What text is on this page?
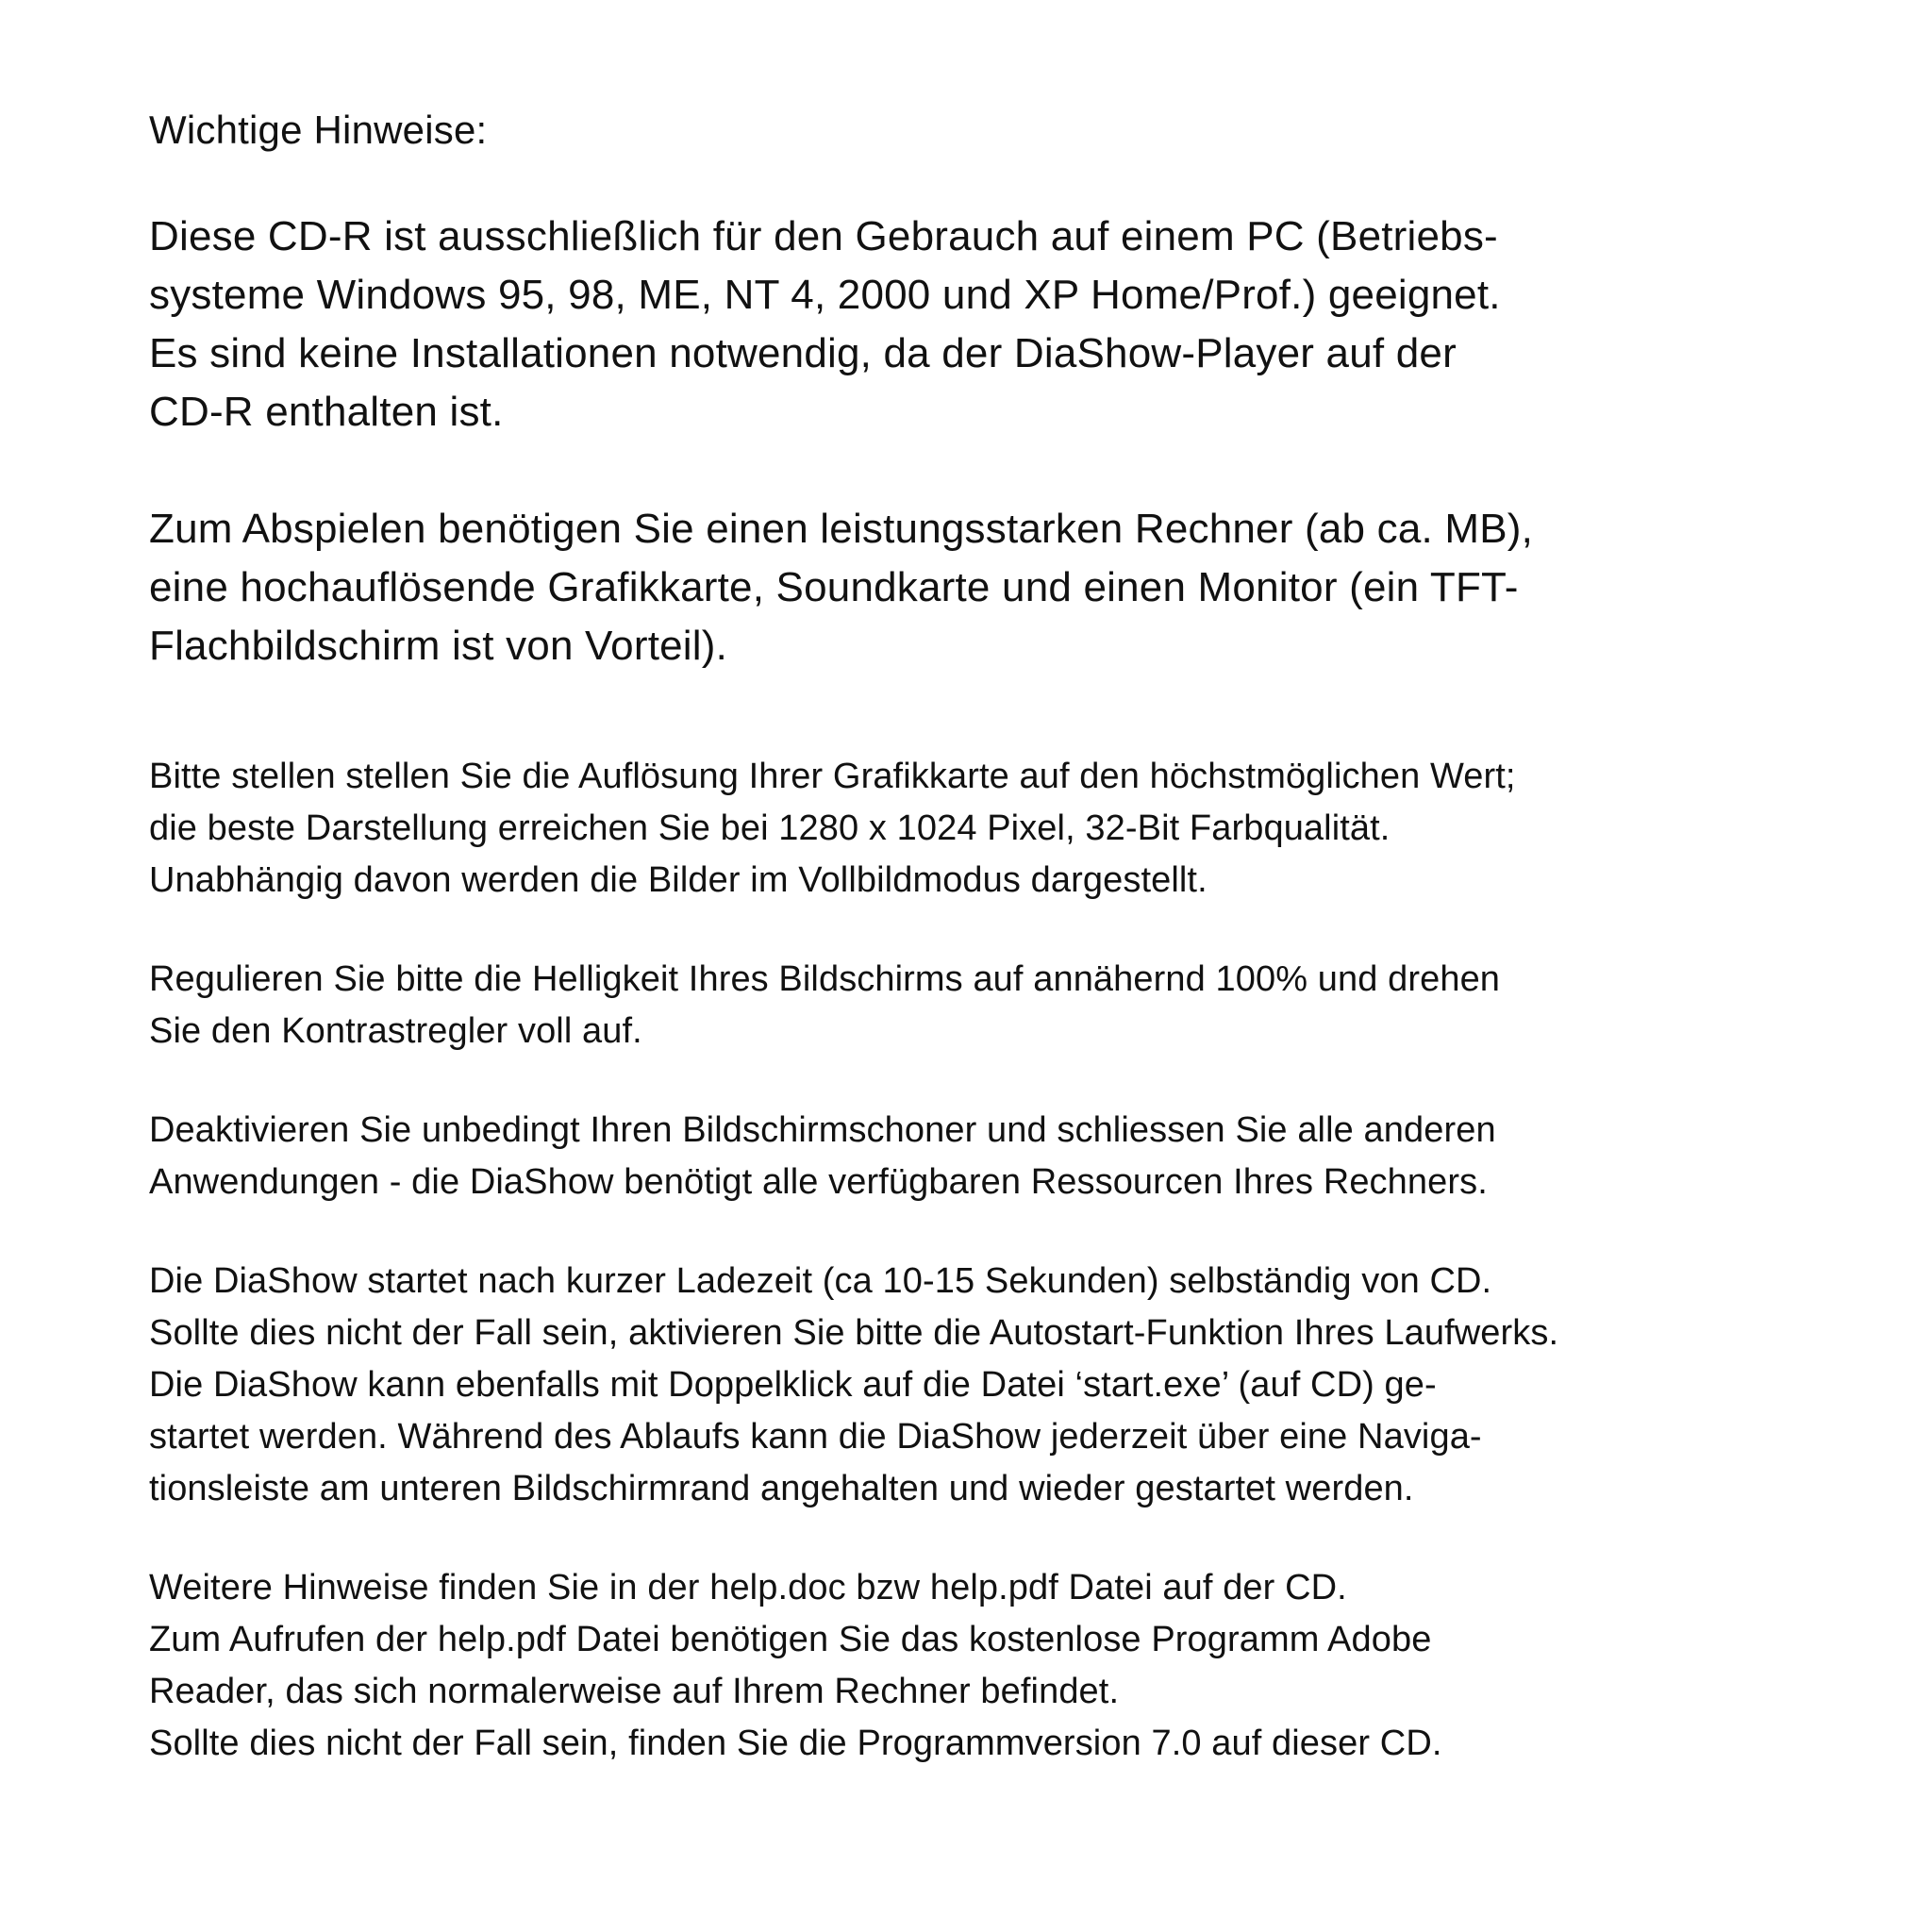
Wichtige Hinweise:
Diese CD-R ist ausschließlich für den Gebrauch auf einem PC (Betriebs-
systeme Windows 95, 98, ME, NT 4, 2000 und XP Home/Prof.) geeignet.
Es sind keine Installationen notwendig, da der DiaShow-Player auf der
CD-R enthalten ist.
Zum Abspielen benötigen Sie einen leistungsstarken Rechner (ab ca. MB),
eine hochauflösende Grafikkarte, Soundkarte und einen Monitor (ein TFT-
Flachbildschirm ist von Vorteil).
Bitte stellen stellen Sie die Auflösung Ihrer Grafikkarte auf den höchstmöglichen Wert;
die beste Darstellung erreichen Sie bei 1280 x 1024 Pixel, 32-Bit Farbqualität.
Unabhängig davon werden die Bilder im Vollbildmodus dargestellt.
Regulieren Sie bitte die Helligkeit Ihres Bildschirms auf annähernd 100% und drehen
Sie den Kontrastregler voll auf.
Deaktivieren Sie unbedingt Ihren Bildschirmschoner und schliessen Sie alle anderen
Anwendungen - die DiaShow benötigt alle verfügbaren Ressourcen Ihres Rechners.
Die DiaShow startet nach kurzer Ladezeit (ca 10-15 Sekunden) selbständig von CD.
Sollte dies nicht der Fall sein, aktivieren Sie bitte die Autostart-Funktion Ihres Laufwerks.
Die DiaShow kann ebenfalls mit Doppelklick auf die Datei ‘start.exe’ (auf CD) ge-
startet werden. Während des Ablaufs kann die DiaShow jederzeit über eine Naviga-
tionsleiste am unteren Bildschirmrand angehalten und wieder gestartet werden.
Weitere Hinweise finden Sie in der help.doc bzw help.pdf Datei auf der CD.
Zum Aufrufen der help.pdf Datei benötigen Sie das kostenlose Programm Adobe
Reader, das sich normalerweise auf Ihrem Rechner befindet.
Sollte dies nicht der Fall sein, finden Sie die Programmversion 7.0 auf dieser CD.
